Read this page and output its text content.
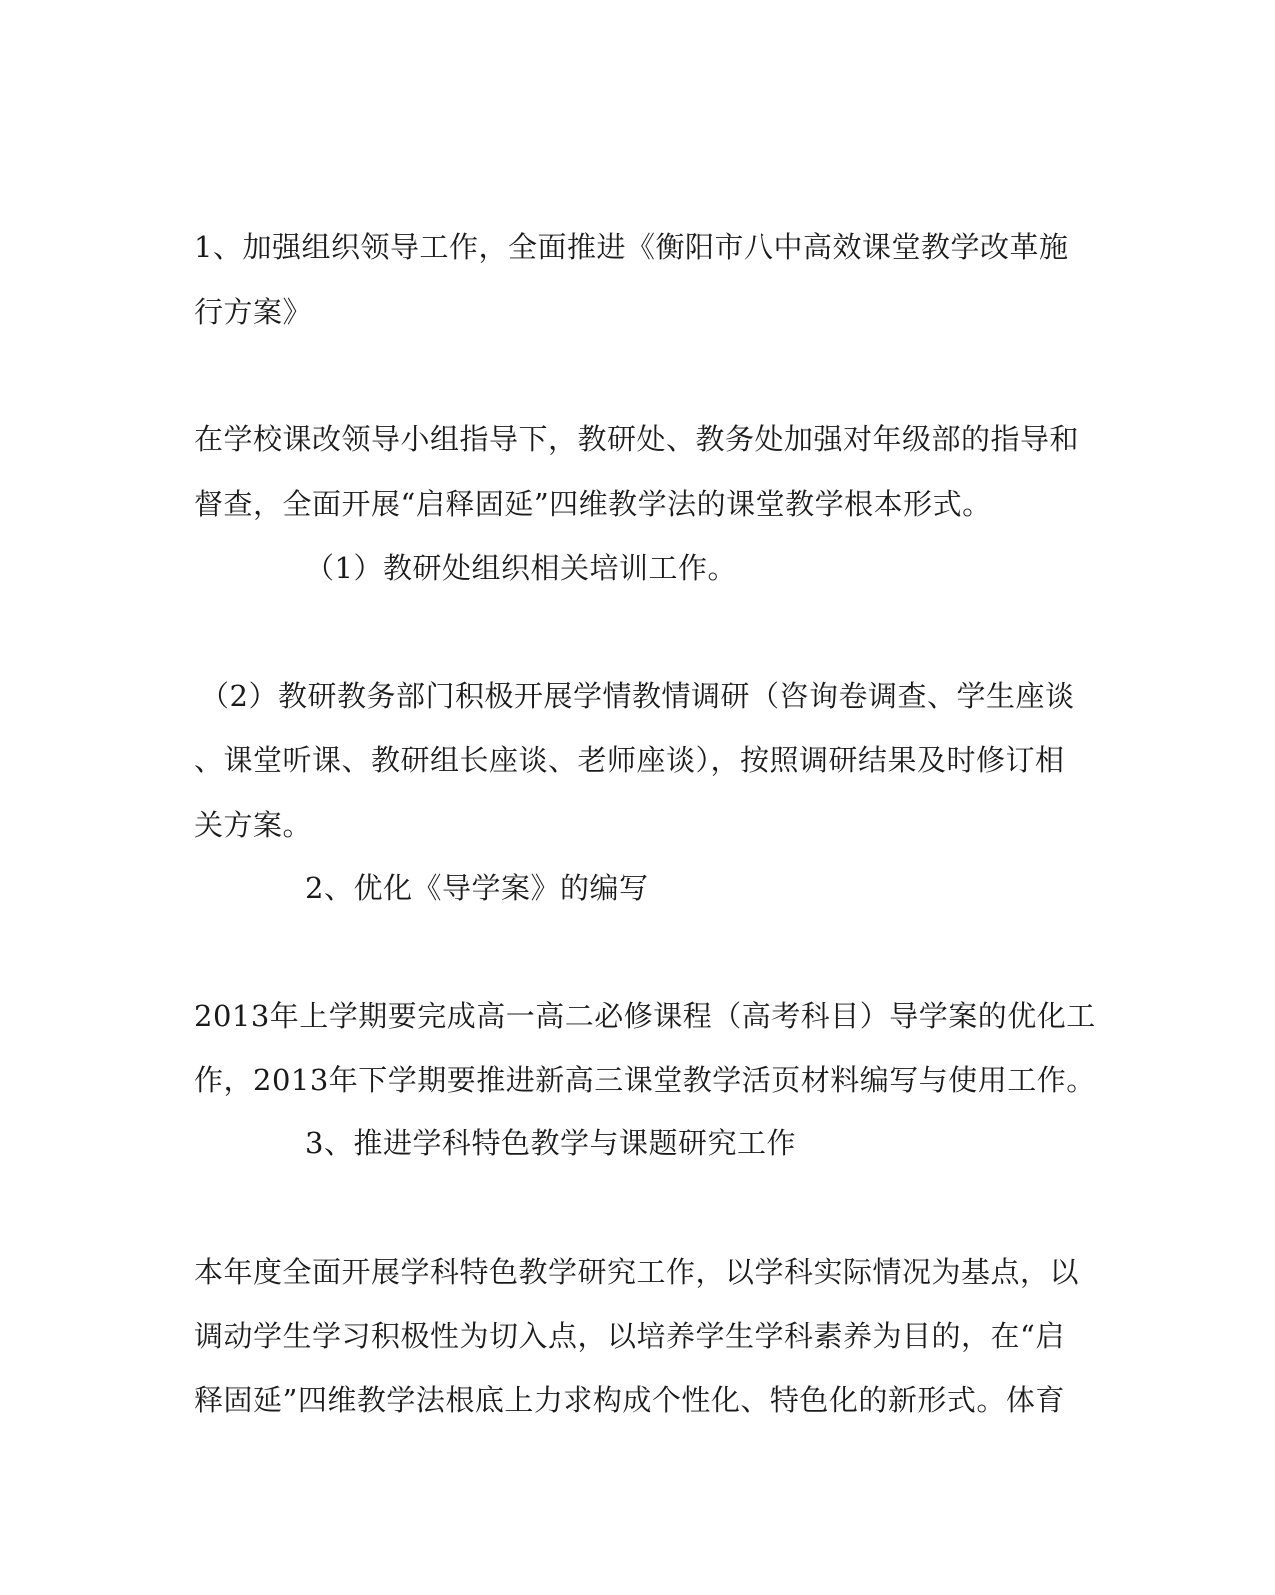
1、加强组织领导工作，全面推进《衡阳市八中高效课堂教学改革施
行方案》
在学校课改领导小组指导下，教研处、教务处加强对年级部的指导和
督查，全面开展“启释固延”四维教学法的课堂教学根本形式。
（1）教研处组织相关培训工作。
（2）教研教务部门积极开展学情教情调研（咨询卷调查、学生座谈
、课堂听课、教研组长座谈、老师座谈），按照调研结果及时修订相
关方案。
2、优化《导学案》的编写
2013年上学期要完成高一高二必修课程（高考科目）导学案的优化工
作，2013年下学期要推进新高三课堂教学活页材料编写与使用工作。
3、推进学科特色教学与课题研究工作
本年度全面开展学科特色教学研究工作，以学科实际情况为基点，以
调动学生学习积极性为切入点，以培养学生学科素养为目的，在“启
释固延”四维教学法根底上力求构成个性化、特色化的新形式。体育
